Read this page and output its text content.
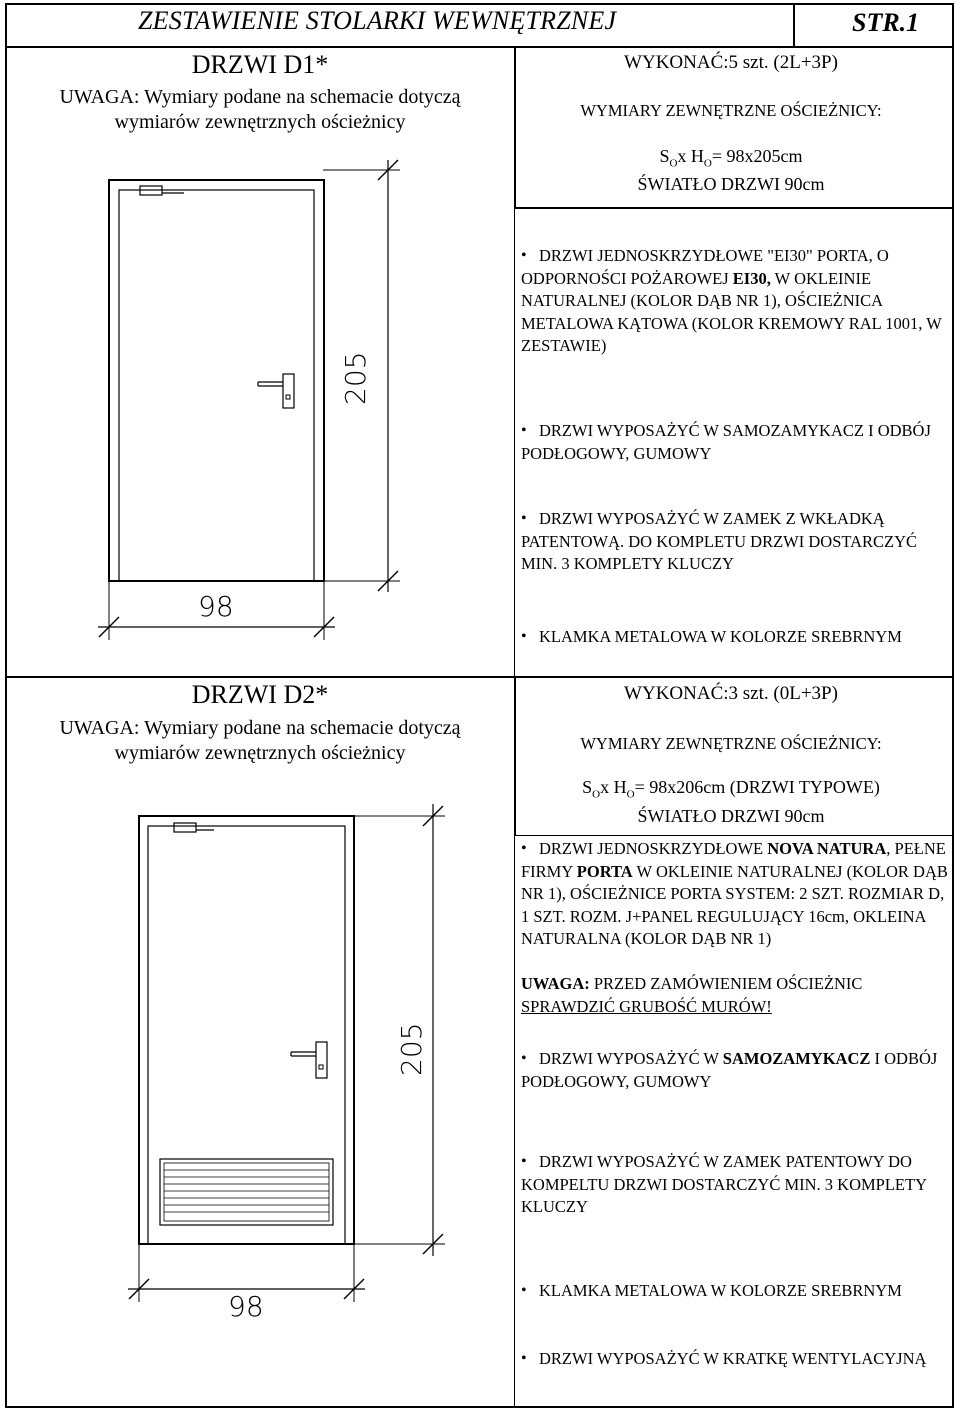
ZESTAWIENIE STOLARKI WEWNĘTRZNEJ	STR.1
DRZWI D1*
UWAGA: Wymiary podane na schemacie dotyczą
wymiarów zewnętrznych ościeżnicy
WYKONAĆ:5 szt. (2L+3P)
WYMIARY ZEWNĘTRZNE OŚCIEŻNICY:
$S_Ox$ $H_O= 98x205cm$
ŚWIATŁO DRZWI 90cm
• DRZWI JEDNOSKRZYDŁOWE "EI30" PORTA, O ODPORNOŚCI POŻAROWEJ EI30, W OKLEINIE NATURALNEJ (KOLOR DĄB NR 1), OŚCIEŻNICA METALOWA KĄTOWA (KOLOR KREMOWY RAL 1001, W ZESTAWIE)
• DRZWI WYPOSAŻYĆ W SAMOZAMYKACZ I ODBÓJ PODŁOGOWY, GUMOWY
• DRZWI WYPOSAŻYĆ W ZAMEK Z WKŁADKĄ PATENTOWĄ. DO KOMPLETU DRZWI DOSTARCZYĆ MIN. 3 KOMPLETY KLUCZY
• KLAMKA METALOWA W KOLORZE SREBRNYM
205
98
DRZWI D2*
UWAGA: Wymiary podane na schemacie dotyczą
wymiarów zewnętrznych ościeżnicy
WYKONAĆ:3 szt. (0L+3P)
WYMIARY ZEWNĘTRZNE OŚCIEŻNICY:
$S_Ox$ $H_O= 98x206cm$ (DRZWI TYPOWE)
ŚWIATŁO DRZWI 90cm
• DRZWI JEDNOSKRZYDŁOWE NOVA NATURA, PEŁNE FIRMY PORTA W OKLEINIE NATURALNEJ (KOLOR DĄB NR 1), OŚCIEŻNICE PORTA SYSTEM: 2 SZT. ROZMIAR D, 1 SZT. ROZM. J+PANEL REGULUJĄCY 16cm, OKLEINA NATURALNA (KOLOR DĄB NR 1)
UWAGA: PRZED ZAMÓWIENIEM OŚCIEŻNIC
SPRAWDZIĆ GRUBOŚĆ MURÓW!
• DRZWI WYPOSAŻYĆ W SAMOZAMYKACZ I ODBÓJ PODŁOGOWY, GUMOWY
• DRZWI WYPOSAŻYĆ W ZAMEK PATENTOWY DO KOMPELTU DRZWI DOSTARCZYĆ MIN. 3 KOMPLETY KLUCZY
• KLAMKA METALOWA W KOLORZE SREBRNYM
• DRZWI WYPOSAŻYĆ W KRATKĘ WENTYLACYJNĄ
205
98
